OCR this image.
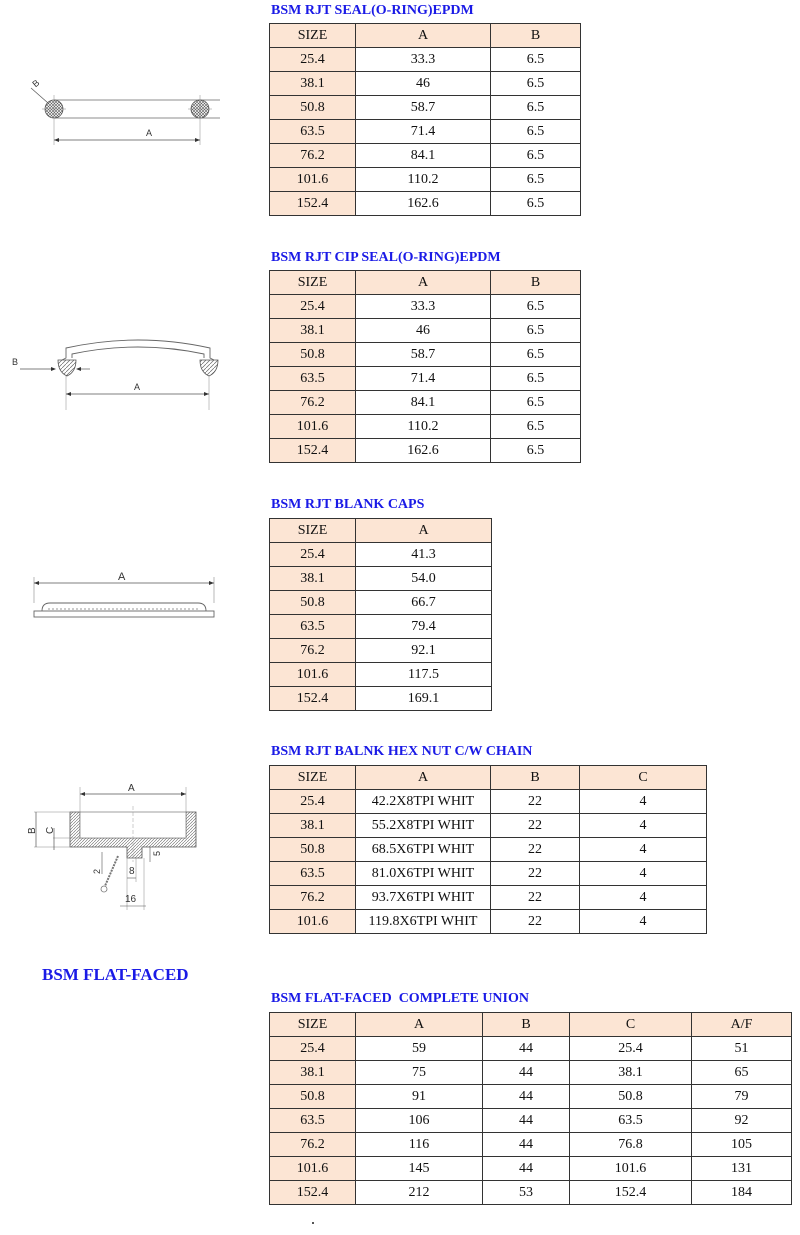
BSM RJT SEAL(O-RING)EPDM
B
A
SIZE	A	B
25.4	33.3	6.5
38.1	46	6.5
50.8	58.7	6.5
63.5	71.4	6.5
76.2	84.1	6.5
101.6	110.2	6.5
152.4	162.6	6.5
BSM RJT CIP SEAL(O-RING)EPDM
B
A
SIZE	A	B
25.4	33.3	6.5
38.1	46	6.5
50.8	58.7	6.5
63.5	71.4	6.5
76.2	84.1	6.5
101.6	110.2	6.5
152.4	162.6	6.5
BSM RJT BLANK CAPS
A
SIZE	A
25.4	41.3
38.1	54.0
50.8	66.7
63.5	79.4
76.2	92.1
101.6	117.5
152.4	169.1
BSM RJT BALNK HEX NUT C/W CHAIN
A
B C
5
2	8
16
SIZE	A	B	C
25.4	42.2X8TPI WHIT	22	4
38.1	55.2X8TPI WHIT	22	4
50.8	68.5X6TPI WHIT	22	4
63.5	81.0X6TPI WHIT	22	4
76.2	93.7X6TPI WHIT	22	4
101.6	119.8X6TPI WHIT	22	4
BSM FLAT-FACED
BSM FLAT-FACED  COMPLETE UNION
SIZE	A	B	C	A/F
25.4	59	44	25.4	51
38.1	75	44	38.1	65
50.8	91	44	50.8	79
63.5	106	44	63.5	92
76.2	116	44	76.8	105
101.6	145	44	101.6	131
152.4	212	53	152.4	184
